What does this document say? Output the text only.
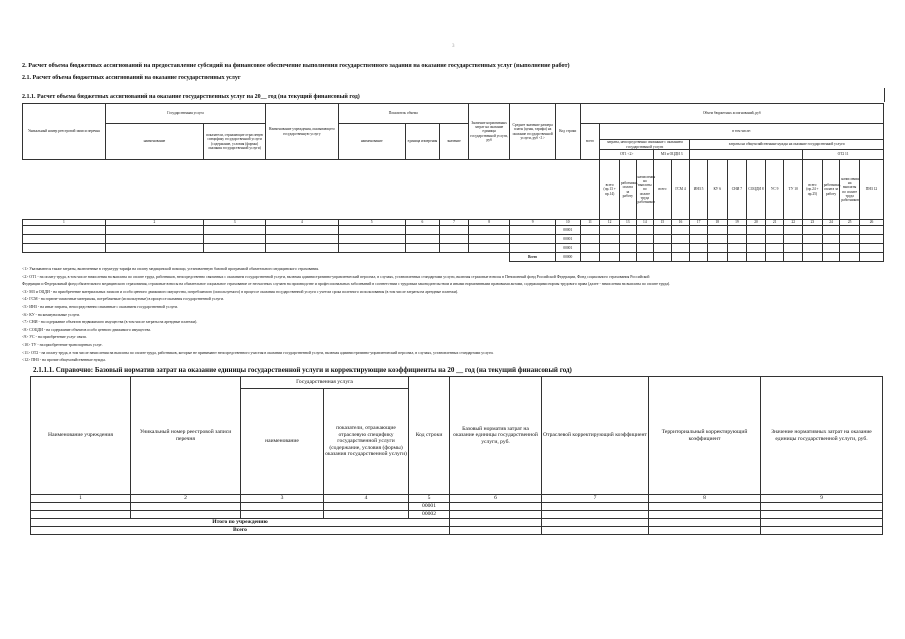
3
2. Расчет объема бюджетных ассигнований на предоставление субсидий на финансовое обеспечение выполнения государственного задания на оказание государственных услуг (выполнение работ)
2.1. Расчет объема бюджетных ассигнований на оказание государственных услуг
2.1.1. Расчет объема бюджетных ассигнований на оказание государственных услуг на 20__ год (на текущий финансовый год)
Уникальный номер реестровой записи перечня	Государственная услуга		Наименование учреждения, оказывающего государственную услугу	Показатель объема			Значение нормативных затрат на оказание единицы государственной услуги, руб	Среднее значение размера платы (цены, тарифа) на оказание государственной услуги, руб <1>	Код строки	Объем бюджетных ассигнований, руб															
	наименование	показатели, отражающие отраслевую специфику государственной услуги (содержание, условия (формы) оказания государственной услуги)		наименование	единица измерения	значение				всего	в том числе:														
											затраты, непосредственно связанные с оказанием государственной услуги					затраты на общехозяйственные нужды на оказание государственной услуги									
											ОТ1 <2>			МЗ и ОЦДИ 3								ОТ2 11			
											всего (пр.13 + пр.14)	работники, оплата за работу	начисления на выплаты по оплате труда работников	всего	ГСМ 4	ИНЗ 5	КУ 6	СНИ 7	СОЦДИ 8	УС 9	ТУ 10	всего (пр.24 + пр.25)	работники, оплата за работу	начисления на выплаты по оплате труда работников	ПНЗ 12
1	2	3	4	5	6	7	8	9	10	11	12	13	14	15	16	17	18	19	20	21	22	23	24	25	26
									00001																
									00001																
									00001																
								Всего	00000																
<1> Указываются также затраты, включенные в структуру тарифа на оплату медицинской помощи, установленную базовой программой обязательного медицинского страхования.
<2> ОТ1 - на оплату труда, в том числе начисления на выплаты по оплате труда, работников, непосредственно связанных с оказанием государственной услуги, включая административно-управленческий персонал, в случаях, установленных стандартами услуги, включая страховые взносы в Пенсионный фонд Российской Федерации, Фонд социального страхования Российской
Федерации и Федеральный фонд обязательного медицинского страхования, страховые взносы на обязательное социальное страхование от несчастных случаев на производстве и профессиональных заболеваний в соответствии с трудовым законодательством и иными нормативными правовыми актами, содержащими нормы трудового права (далее - начисления на выплаты по оплате труда).
<3> МЗ и ОЦДИ - на приобретение материальных запасов и особо ценного движимого имущества, потребляемого (используемого) в процессе оказания государственной услуги с учетом срока полезного использования (в том числе затраты на арендные платежи).
<4> ГСМ - на горюче-смазочные материалы, потребляемые (используемые) в процессе оказания государственной услуги.
<5> ИНЗ - на иные затраты, непосредственно связанные с оказанием государственной услуги.
<6> КУ - на коммунальные услуги.
<7> СНИ - на содержание объектов недвижимого имущества (в том числе затраты на арендные платежи).
<8> СОЦДИ - на содержание объектов особо ценного движимого имущества.
<9> УС - на приобретение услуг связи.
<10> ТУ - на приобретение транспортных услуг.
<11> ОТ2 - на оплату труда, в том числе начисления на выплаты по оплате труда, работников, которые не принимают непосредственного участия в оказании государственной услуги, включая административно-управленческий персонал, в случаях, установленных стандартами услуги.
<12> ПНЗ - на прочие общехозяйственные нужды.
2.1.1.1. Справочно: Базовый норматив затрат на оказание единицы государственной услуги и корректирующие коэффициенты на 20 __ год (на текущий финансовый год)
Наименование учреждения	Уникальный номер реестровой записи перечня	Государственная услуга		Код строки	Базовый норматив затрат на оказание единицы государственной услуги, руб.	Отраслевой корректирующий коэффициент	Территориальный корректирующий коэффициент	Значение нормативных затрат на оказание единицы государственной услуги, руб.
		наименование	показатели, отражающие отраслевую специфику государственной услуги (содержание, условия (формы) оказания государственной услуги)					
1	2	3	4	5	6	7	8	9
				00001				
				00002				
Итого по учреждению								
Всего								
